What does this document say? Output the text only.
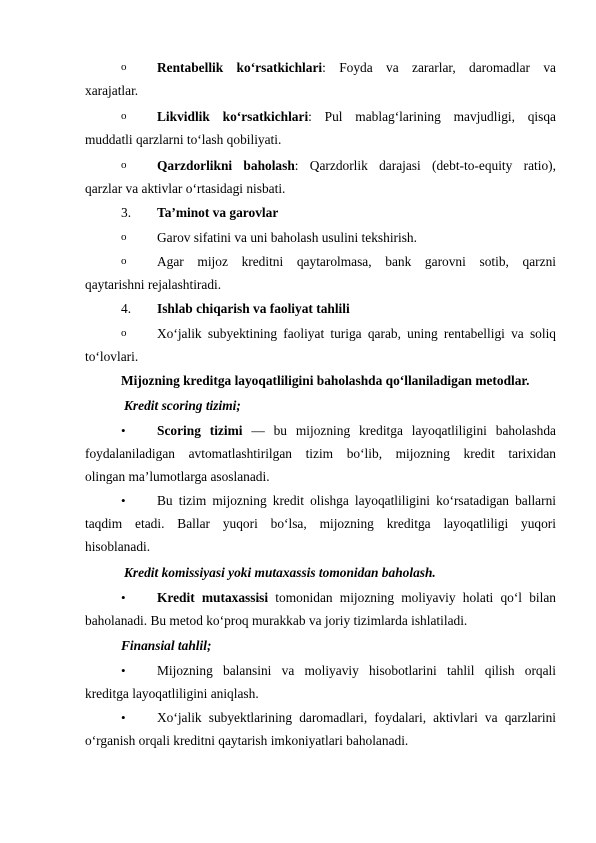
o	Rentabellik ko‘rsatkichlari: Foyda va zararlar, daromadlar va
xarajatlar.
o	Likvidlik ko‘rsatkichlari: Pul mablag‘larining mavjudligi, qisqa
muddatli qarzlarni to‘lash qobiliyati.
o	Qarzdorlikni baholash: Qarzdorlik darajasi (debt-to-equity ratio),
qarzlar va aktivlar o‘rtasidagi nisbati.
3.	Ta’minot va garovlar
o	Garov sifatini va uni baholash usulini tekshirish.
o	Agar mijoz kreditni qaytarolmasa, bank garovni sotib, qarzni
qaytarishni rejalashtiradi.
4.	Ishlab chiqarish va faoliyat tahlili
o	Xo‘jalik subyektining faoliyat turiga qarab, uning rentabelligi va soliq
to‘lovlari.
Mijozning kreditga layoqatliligini baholashda qo‘llaniladigan metodlar.
Kredit scoring tizimi;
•	Scoring tizimi — bu mijozning kreditga layoqatliligini baholashda
foydalaniladigan avtomatlashtirilgan tizim bo‘lib, mijozning kredit tarixidan
olingan ma’lumotlarga asoslanadi.
•	Bu tizim mijozning kredit olishga layoqatliligini ko‘rsatadigan ballarni
taqdim etadi. Ballar yuqori bo‘lsa, mijozning kreditga layoqatliligi yuqori
hisoblanadi.
Kredit komissiyasi yoki mutaxassis tomonidan baholash.
•	Kredit mutaxassisi tomonidan mijozning moliyaviy holati qo‘l bilan
baholanadi. Bu metod ko‘proq murakkab va joriy tizimlarda ishlatiladi.
Finansial tahlil;
•	Mijozning balansini va moliyaviy hisobotlarini tahlil qilish orqali
kreditga layoqatliligini aniqlash.
•	Xo‘jalik subyektlarining daromadlari, foydalari, aktivlari va qarzlarini
o‘rganish orqali kreditni qaytarish imkoniyatlari baholanadi.
